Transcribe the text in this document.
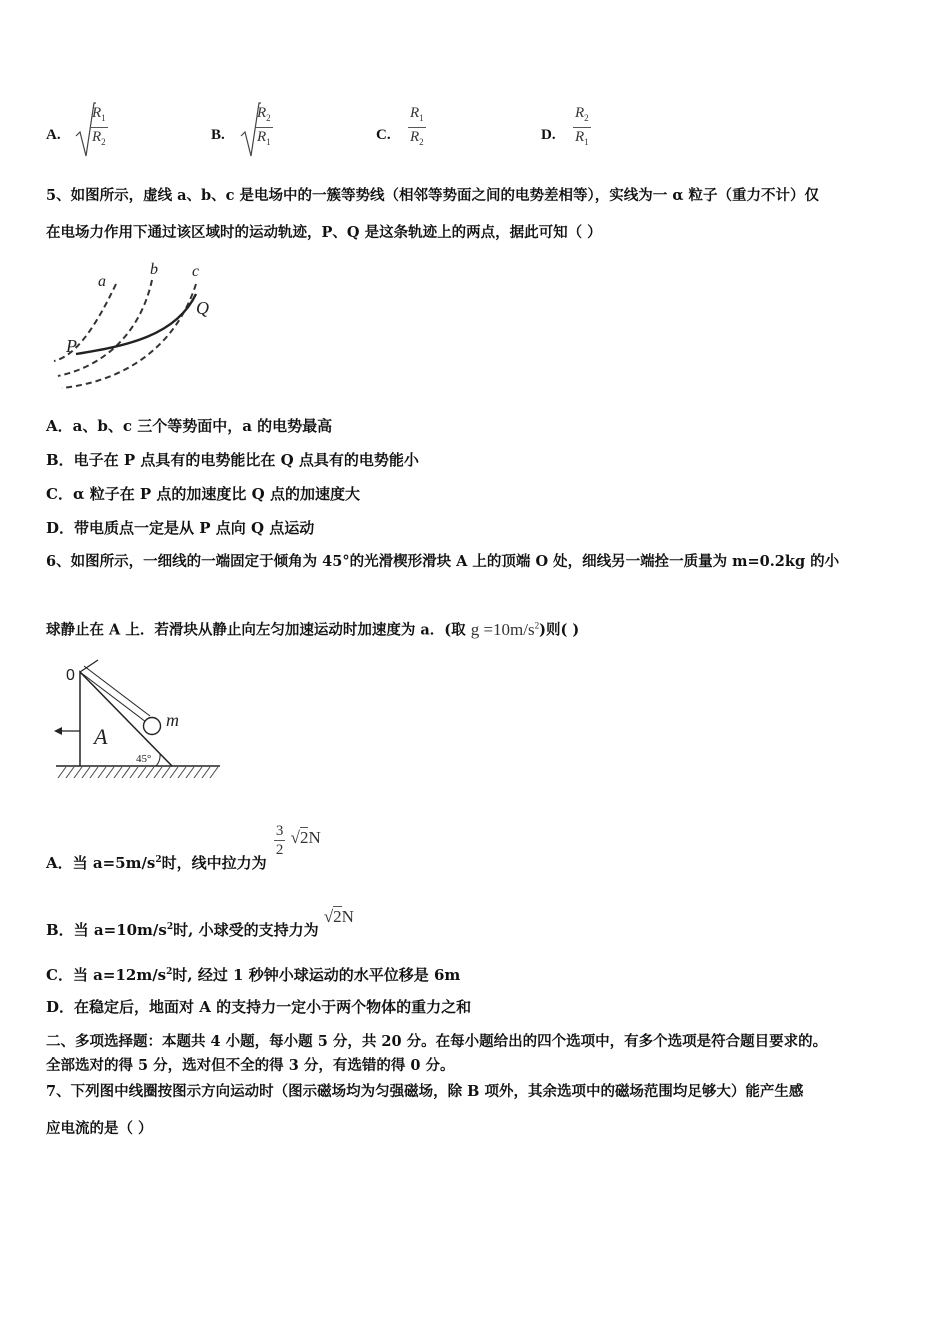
A.
$R_1$
$R_2$	B.
$R_2$
$R_1$	C.
$R_1$
$R_2$	D.
$R_2$
$R_1$
5、如图所示，虚线 a、b、c 是电场中的一簇等势线（相邻等势面之间的电势差相等），实线为一 α 粒子（重力不计）仅
在电场力作用下通过该区域时的运动轨迹，P、Q 是这条轨迹上的两点，据此可知（ ）
a
b c
P
Q
A．a、b、c 三个等势面中，a 的电势最高
B．电子在 P 点具有的电势能比在 Q 点具有的电势能小
C．α 粒子在 P 点的加速度比 Q 点的加速度大
D．带电质点一定是从 P 点向 Q 点运动
6、如图所示，一细线的一端固定于倾角为 45°的光滑楔形滑块 A 上的顶端 O 处，细线另一端拴一质量为 m=0.2kg 的小
球静止在 A 上．若滑块从静止向左匀加速运动时加速度为 a．(取 $g =10m/s^2$)则( )
0
A
m
45°
A．当 $a=5m/s^2$时，线中拉力为
$\frac{3}{2} √2N$
B．当 $a=10m/s^2$时, 小球受的支持力为 √2N
C．当 $a=12m/s^2$时, 经过 1 秒钟小球运动的水平位移是 6m
D．在稳定后，地面对 A 的支持力一定小于两个物体的重力之和
二、多项选择题：本题共 4 小题，每小题 5 分，共 20 分。在每小题给出的四个选项中，有多个选项是符合题目要求的。
全部选对的得 5 分，选对但不全的得 3 分，有选错的得 0 分。
7、下列图中线圈按图示方向运动时（图示磁场均为匀强磁场，除 B 项外，其余选项中的磁场范围均足够大）能产生感
应电流的是（ ）
